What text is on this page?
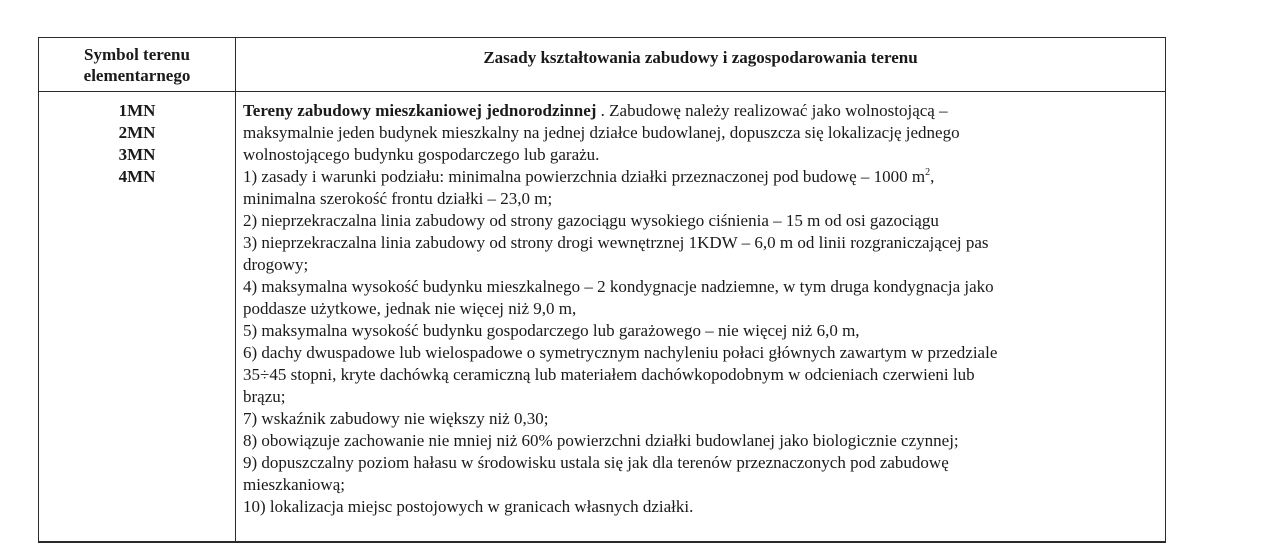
Symbol terenu
elementarnego
Zasady kształtowania zabudowy i zagospodarowania terenu
1MN
2MN
3MN
4MN
Tereny zabudowy mieszkaniowej jednorodzinnej . Zabudowę należy realizować jako wolnostojącą –
maksymalnie jeden budynek mieszkalny na jednej działce budowlanej, dopuszcza się lokalizację jednego
wolnostojącego budynku gospodarczego lub garażu.
1) zasady i warunki podziału: minimalna powierzchnia działki przeznaczonej pod budowę – 1000 $m^2$,
minimalna szerokość frontu działki – 23,0 m;
2) nieprzekraczalna linia zabudowy od strony gazociągu wysokiego ciśnienia – 15 m od osi gazociągu
3) nieprzekraczalna linia zabudowy od strony drogi wewnętrznej 1KDW – 6,0 m od linii rozgraniczającej pas
drogowy;
4) maksymalna wysokość budynku mieszkalnego – 2 kondygnacje nadziemne, w tym druga kondygnacja jako
poddasze użytkowe, jednak nie więcej niż 9,0 m,
5) maksymalna wysokość budynku gospodarczego lub garażowego – nie więcej niż 6,0 m,
6) dachy dwuspadowe lub wielospadowe o symetrycznym nachyleniu połaci głównych zawartym w przedziale
35÷45 stopni, kryte dachówką ceramiczną lub materiałem dachówkopodobnym w odcieniach czerwieni lub
brązu;
7) wskaźnik zabudowy nie większy niż 0,30;
8) obowiązuje zachowanie nie mniej niż 60% powierzchni działki budowlanej jako biologicznie czynnej;
9) dopuszczalny poziom hałasu w środowisku ustala się jak dla terenów przeznaczonych pod zabudowę
mieszkaniową;
10) lokalizacja miejsc postojowych w granicach własnych działki.
